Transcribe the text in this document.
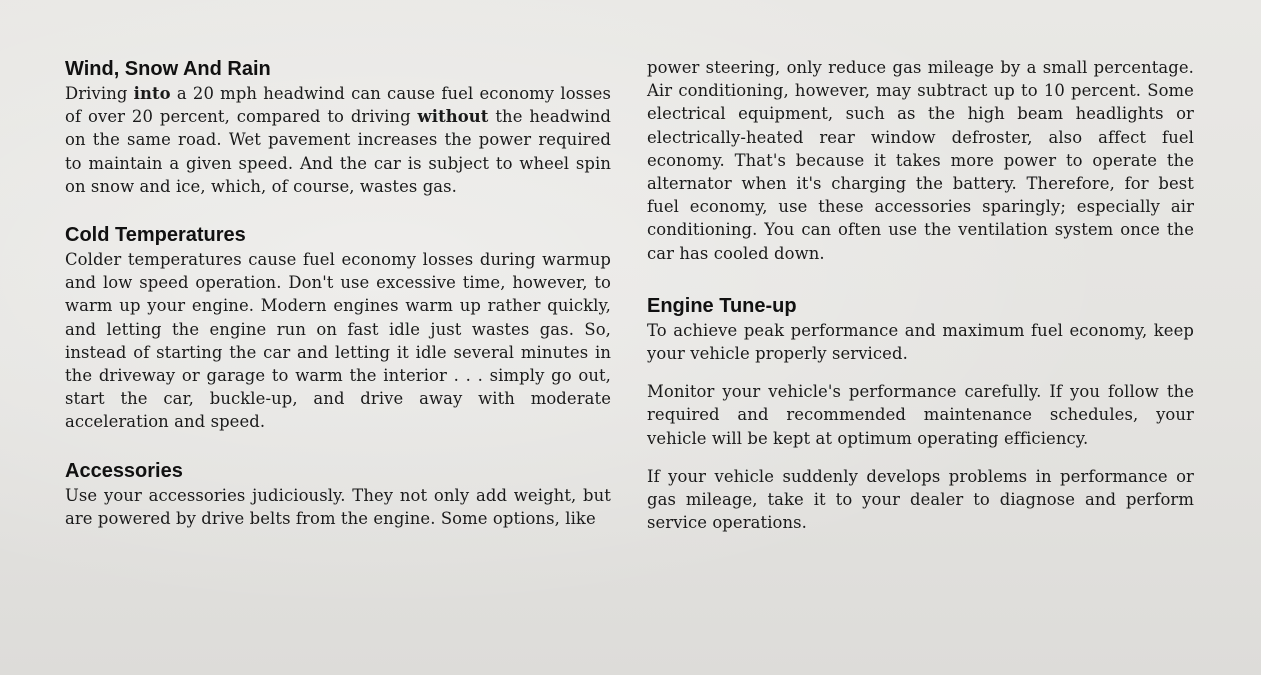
Wind, Snow And Rain

Driving into a 20 mph headwind can cause fuel economy losses of over 20 percent, compared to driving without the headwind on the same road. Wet pavement increases the power required to maintain a given speed. And the car is subject to wheel spin on snow and ice, which, of course, wastes gas.

Cold Temperatures

Colder temperatures cause fuel economy losses during warmup and low speed operation. Don't use excessive time, however, to warm up your engine. Modern engines warm up rather quickly, and letting the engine run on fast idle just wastes gas. So, instead of starting the car and letting it idle several minutes in the driveway or garage to warm the interior . . . simply go out, start the car, buckle-up, and drive away with moderate acceleration and speed.

Accessories

Use your accessories judiciously. They not only add weight, but are powered by drive belts from the engine. Some options, like

power steering, only reduce gas mileage by a small percentage. Air conditioning, however, may subtract up to 10 percent. Some electrical equipment, such as the high beam headlights or electrically-heated rear window defroster, also affect fuel economy. That's because it takes more power to operate the alternator when it's charging the battery. Therefore, for best fuel economy, use these accessories sparingly; especially air conditioning. You can often use the ventilation system once the car has cooled down.

Engine Tune-up

To achieve peak performance and maximum fuel economy, keep your vehicle properly serviced.

Monitor your vehicle's performance carefully. If you follow the required and recommended maintenance schedules, your vehicle will be kept at optimum operating efficiency.

If your vehicle suddenly develops problems in performance or gas mileage, take it to your dealer to diagnose and perform service operations.
